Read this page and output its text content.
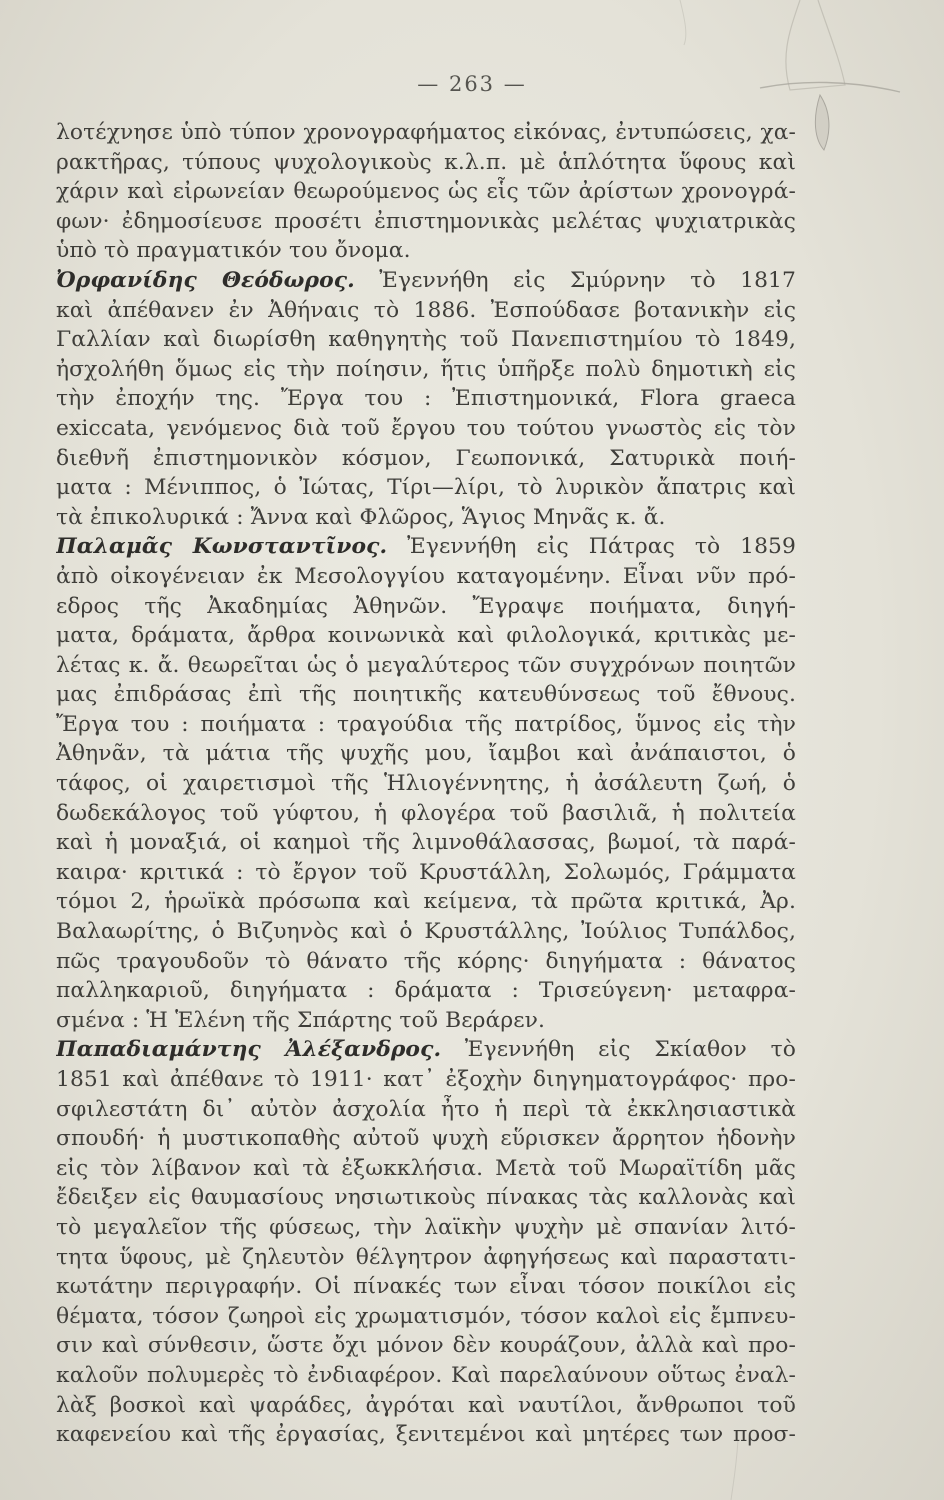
— 263 —
λοτέχνησε ὑπὸ τύπον χρονογραφήματος εἰκόνας, ἐντυπώσεις, χα-
ρακτῆρας, τύπους ψυχολογικοὺς κ.λ.π. μὲ ἁπλότητα ὕφους καὶ
χάριν καὶ εἰρωνείαν θεωρούμενος ὡς εἷς τῶν ἀρίστων χρονογρά-
φων· ἐδημοσίευσε προσέτι ἐπιστημονικὰς μελέτας ψυχιατρικὰς
ὑπὸ τὸ πραγματικόν του ὄνομα.
Ὀρφανίδης Θεόδωρος. Ἐγεννήθη εἰς Σμύρνην τὸ 1817
καὶ ἀπέθανεν ἐν Ἀθήναις τὸ 1886. Ἐσπούδασε βοτανικὴν εἰς
Γαλλίαν καὶ διωρίσθη καθηγητὴς τοῦ Πανεπιστημίου τὸ 1849,
ἠσχολήθη ὅμως εἰς τὴν ποίησιν, ἥτις ὑπῆρξε πολὺ δημοτικὴ εἰς
τὴν ἐποχήν της. Ἔργα του : Ἐπιστημονικά, Flora graeca
exiccata, γενόμενος διὰ τοῦ ἔργου του τούτου γνωστὸς εἰς τὸν
διεθνῆ ἐπιστημονικὸν κόσμον, Γεωπονικά, Σατυρικὰ ποιή-
ματα : Μένιππος, ὁ Ἰώτας, Τίρι—λίρι, τὸ λυρικὸν ἄπατρις καὶ
τὰ ἐπικολυρικά : Ἄννα καὶ Φλῶρος, Ἅγιος Μηνᾶς κ. ἄ.
Παλαμᾶς Κωνσταντῖνος. Ἐγεννήθη εἰς Πάτρας τὸ 1859
ἀπὸ οἰκογένειαν ἐκ Μεσολογγίου καταγομένην. Εἶναι νῦν πρό-
εδρος τῆς Ἀκαδημίας Ἀθηνῶν. Ἔγραψε ποιήματα, διηγή-
ματα, δράματα, ἄρθρα κοινωνικὰ καὶ φιλολογικά, κριτικὰς με-
λέτας κ. ἄ. θεωρεῖται ὡς ὁ μεγαλύτερος τῶν συγχρόνων ποιητῶν
μας ἐπιδράσας ἐπὶ τῆς ποιητικῆς κατευθύνσεως τοῦ ἔθνους.
Ἔργα του : ποιήματα : τραγούδια τῆς πατρίδος, ὕμνος εἰς τὴν
Ἀθηνᾶν, τὰ μάτια τῆς ψυχῆς μου, ἴαμβοι καὶ ἀνάπαιστοι, ὁ
τάφος, οἱ χαιρετισμοὶ τῆς Ἡλιογέννητης, ἡ ἀσάλευτη ζωή, ὁ
δωδεκάλογος τοῦ γύφτου, ἡ φλογέρα τοῦ βασιλιᾶ, ἡ πολιτεία
καὶ ἡ μοναξιά, οἱ καημοὶ τῆς λιμνοθάλασσας, βωμοί, τὰ παρά-
καιρα· κριτικά : τὸ ἔργον τοῦ Κρυστάλλη, Σολωμός, Γράμματα
τόμοι 2, ἡρωϊκὰ πρόσωπα καὶ κείμενα, τὰ πρῶτα κριτικά, Ἀρ.
Βαλαωρίτης, ὁ Βιζυηνὸς καὶ ὁ Κρυστάλλης, Ἰούλιος Τυπάλδος,
πῶς τραγουδοῦν τὸ θάνατο τῆς κόρης· διηγήματα : θάνατος
παλληκαριοῦ, διηγήματα : δράματα : Τρισεύγενη· μεταφρα-
σμένα : Ἡ Ἑλένη τῆς Σπάρτης τοῦ Βεράρεν.
Παπαδιαμάντης Ἀλέξανδρος. Ἐγεννήθη εἰς Σκίαθον τὸ
1851 καὶ ἀπέθανε τὸ 1911· κατ᾽ ἐξοχὴν διηγηματογράφος· προ-
σφιλεστάτη δι᾽ αὐτὸν ἀσχολία ἦτο ἡ περὶ τὰ ἐκκλησιαστικὰ
σπουδή· ἡ μυστικοπαθὴς αὐτοῦ ψυχὴ εὕρισκεν ἄρρητον ἡδονὴν
εἰς τὸν λίβανον καὶ τὰ ἐξωκκλήσια. Μετὰ τοῦ Μωραϊτίδη μᾶς
ἔδειξεν εἰς θαυμασίους νησιωτικοὺς πίνακας τὰς καλλονὰς καὶ
τὸ μεγαλεῖον τῆς φύσεως, τὴν λαϊκὴν ψυχὴν μὲ σπανίαν λιτό-
τητα ὕφους, μὲ ζηλευτὸν θέλγητρον ἀφηγήσεως καὶ παραστατι-
κωτάτην περιγραφήν. Οἱ πίνακές των εἶναι τόσον ποικίλοι εἰς
θέματα, τόσον ζωηροὶ εἰς χρωματισμόν, τόσον καλοὶ εἰς ἔμπνευ-
σιν καὶ σύνθεσιν, ὥστε ὄχι μόνον δὲν κουράζουν, ἀλλὰ καὶ προ-
καλοῦν πολυμερὲς τὸ ἐνδιαφέρον. Καὶ παρελαύνουν οὕτως ἐναλ-
λὰξ βοσκοὶ καὶ ψαράδες, ἀγρόται καὶ ναυτίλοι, ἄνθρωποι τοῦ
καφενείου καὶ τῆς ἐργασίας, ξενιτεμένοι καὶ μητέρες των προσ-
